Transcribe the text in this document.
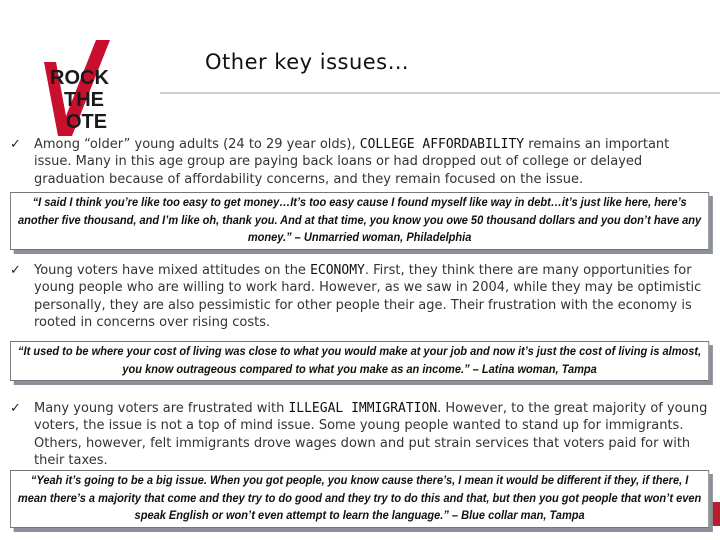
ROCK
THE
OTE
Other key issues…
✓ Among “older” young adults (24 to 29 year olds), COLLEGE AFFORDABILITY remains an important issue. Many in this age group are paying back loans or had dropped out of college or delayed graduation because of affordability concerns, and they remain focused on the issue.
“I said I think you’re like too easy to get money…It’s too easy cause I found myself like way in debt…it’s just like here, here’s another five thousand, and I’m like oh, thank you. And at that time, you know you owe 50 thousand dollars and you don’t have any money.” – Unmarried woman, Philadelphia
✓ Young voters have mixed attitudes on the ECONOMY. First, they think there are many opportunities for young people who are willing to work hard. However, as we saw in 2004, while they may be optimistic personally, they are also pessimistic for other people their age. Their frustration with the economy is rooted in concerns over rising costs.
“It used to be where your cost of living was close to what you would make at your job and now it’s just the cost of living is almost, you know outrageous compared to what you make as an income.” – Latina woman, Tampa
✓ Many young voters are frustrated with ILLEGAL IMMIGRATION. However, to the great majority of young voters, the issue is not a top of mind issue. Some young people wanted to stand up for immigrants. Others, however, felt immigrants drove wages down and put strain services that voters paid for with their taxes.
“Yeah it’s going to be a big issue. When you got people, you know cause there’s, I mean it would be different if they, if there, I mean there’s a majority that come and they try to do good and they try to do this and that, but then you got people that won’t even speak English or won’t even attempt to learn the language.” – Blue collar man, Tampa
